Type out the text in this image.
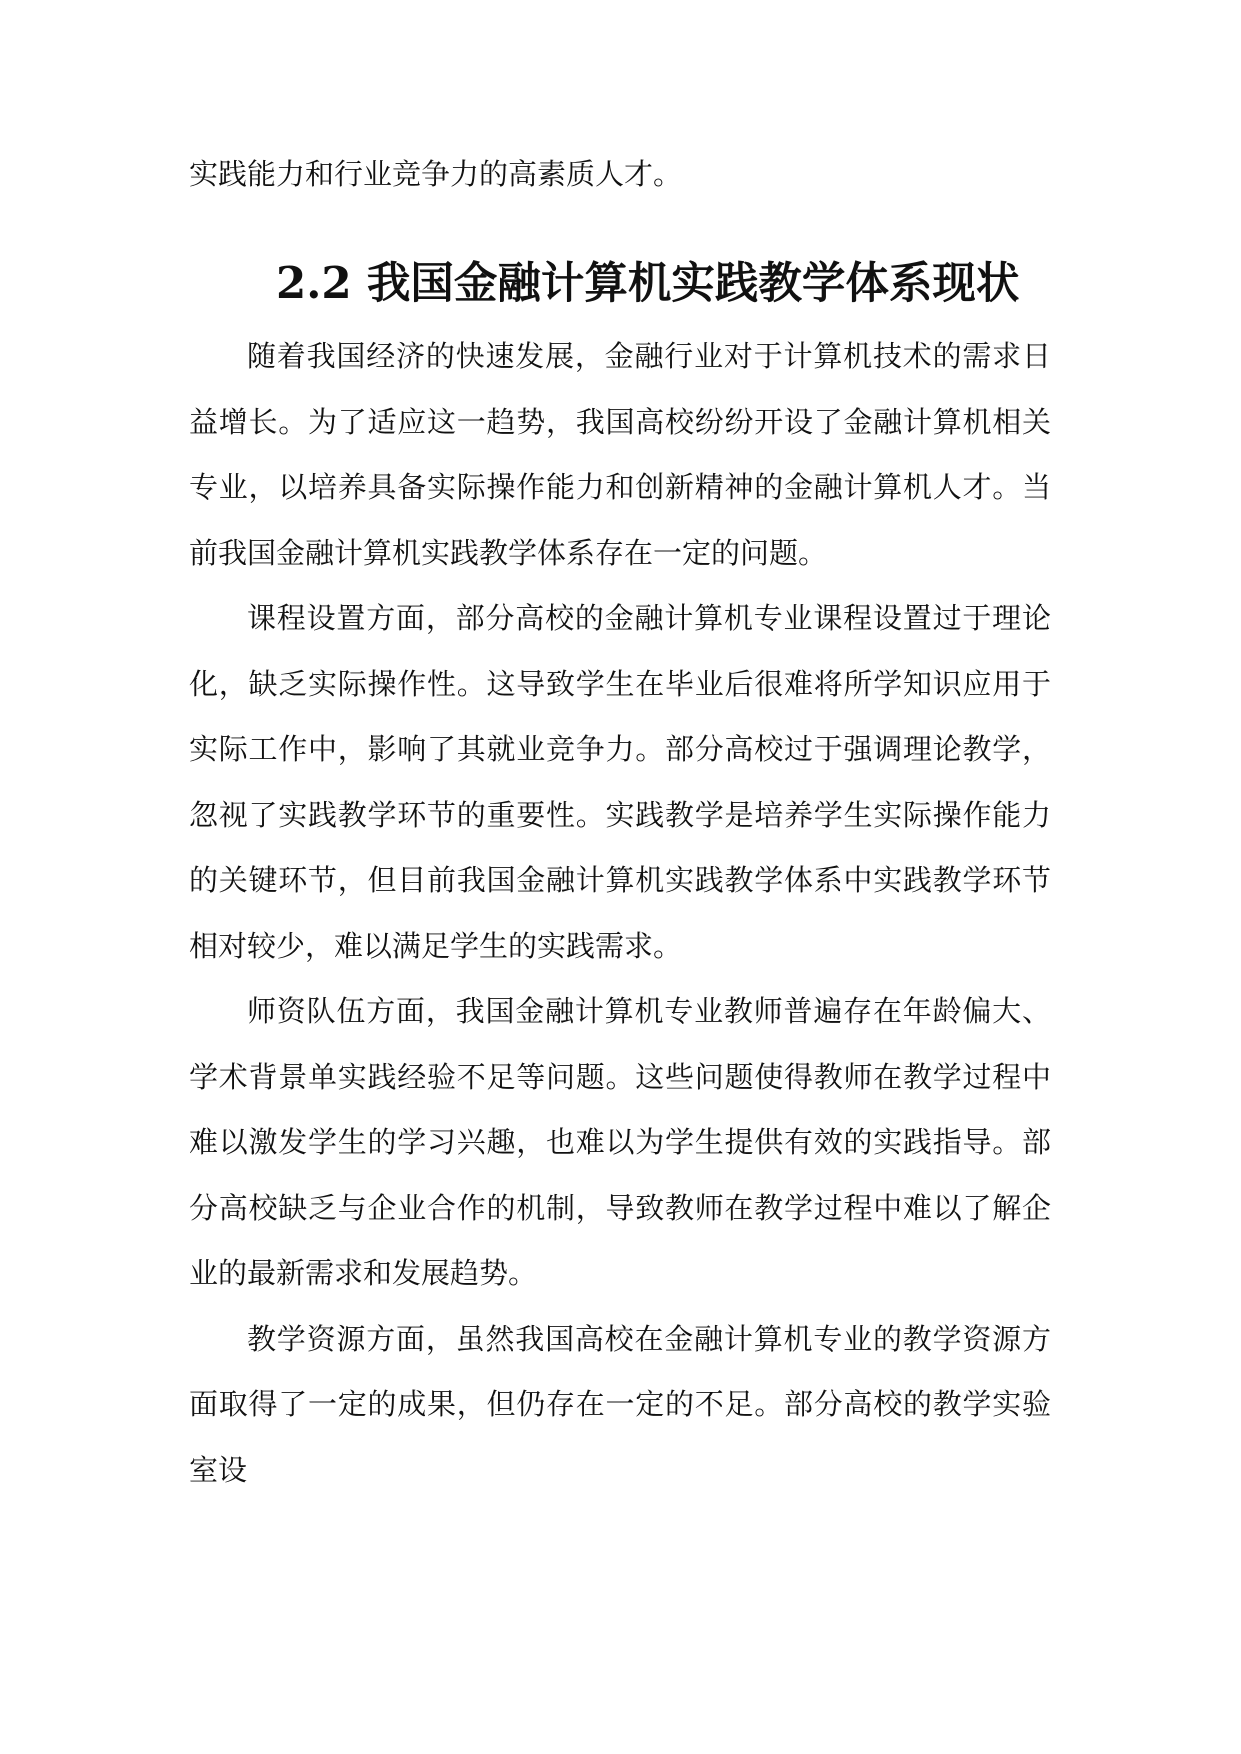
实践能力和行业竞争力的高素质人才。

2.2 我国金融计算机实践教学体系现状

随着我国经济的快速发展，金融行业对于计算机技术的需求日益增长。为了适应这一趋势，我国高校纷纷开设了金融计算机相关专业，以培养具备实际操作能力和创新精神的金融计算机人才。当前我国金融计算机实践教学体系存在一定的问题。

课程设置方面，部分高校的金融计算机专业课程设置过于理论化，缺乏实际操作性。这导致学生在毕业后很难将所学知识应用于实际工作中，影响了其就业竞争力。部分高校过于强调理论教学，忽视了实践教学环节的重要性。实践教学是培养学生实际操作能力的关键环节，但目前我国金融计算机实践教学体系中实践教学环节相对较少，难以满足学生的实践需求。

师资队伍方面，我国金融计算机专业教师普遍存在年龄偏大、学术背景单实践经验不足等问题。这些问题使得教师在教学过程中难以激发学生的学习兴趣，也难以为学生提供有效的实践指导。部分高校缺乏与企业合作的机制，导致教师在教学过程中难以了解企业的最新需求和发展趋势。

教学资源方面，虽然我国高校在金融计算机专业的教学资源方面取得了一定的成果，但仍存在一定的不足。部分高校的教学实验室设
